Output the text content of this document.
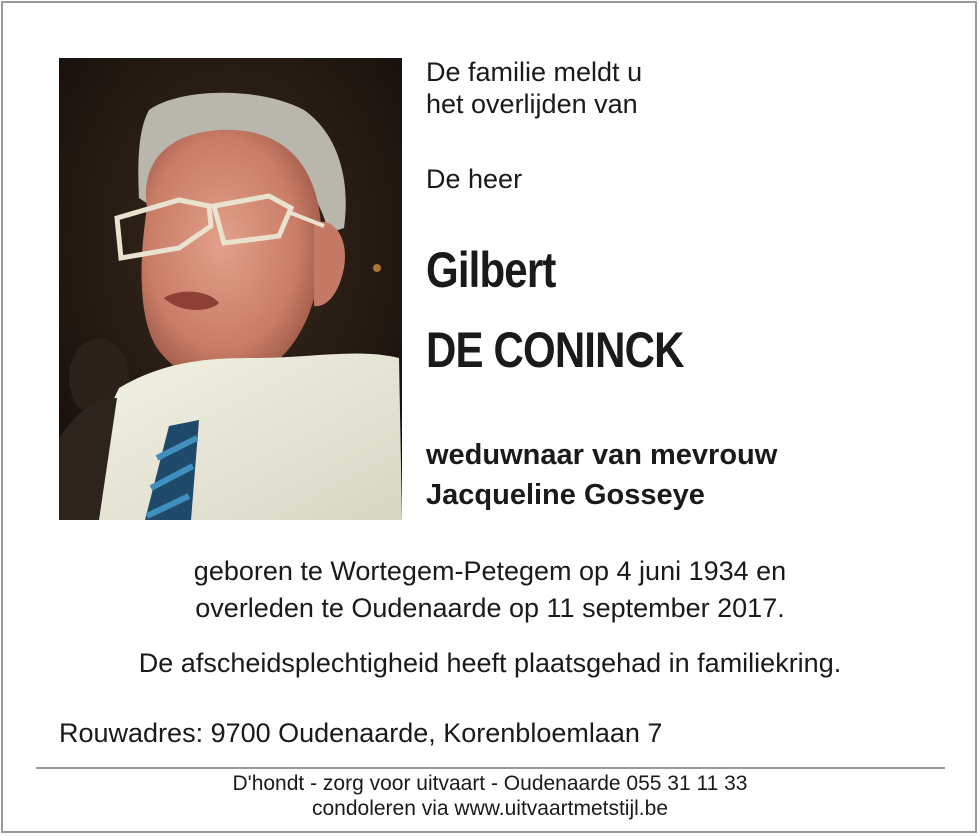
De familie meldt u
het overlijden van
De heer
Gilbert
DE CONINCK
weduwnaar van mevrouw
Jacqueline Gosseye
geboren te Wortegem-Petegem op 4 juni 1934 en
overleden te Oudenaarde op 11 september 2017.
De afscheidsplechtigheid heeft plaatsgehad in familiekring.
Rouwadres: 9700 Oudenaarde, Korenbloemlaan 7
D'hondt - zorg voor uitvaart - Oudenaarde 055 31 11 33
condoleren via www.uitvaartmetstijl.be
